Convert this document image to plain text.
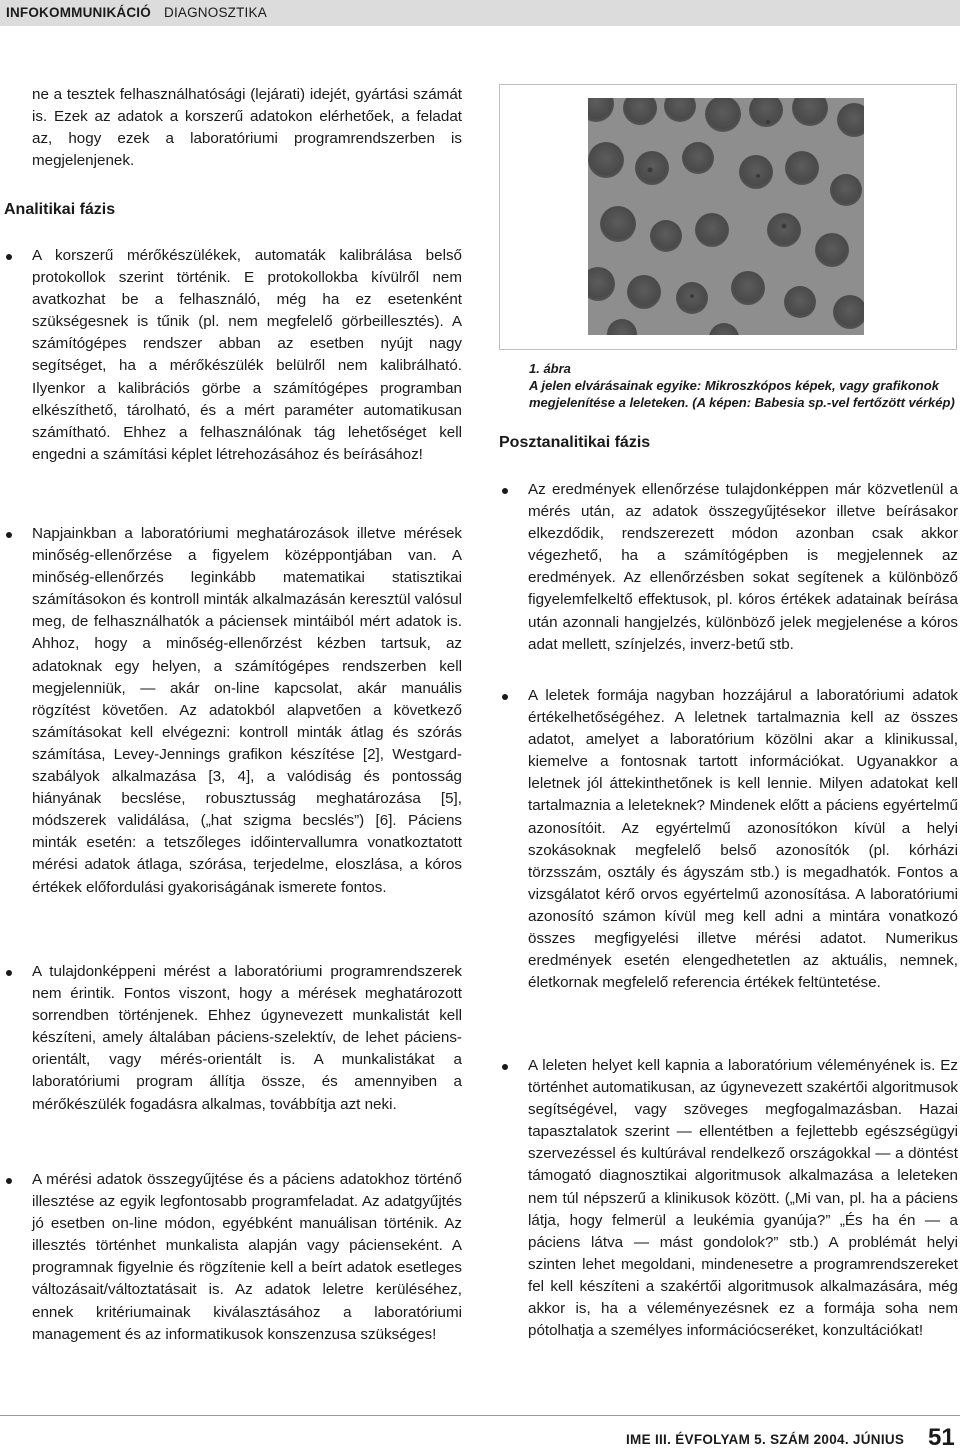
INFOKOMMUNIKÁCIÓ DIAGNOSZTIKA

ne a tesztek felhasználhatósági (lejárati) idejét, gyártási számát is. Ezek az adatok a korszerű adatokon elérhetőek, a feladat az, hogy ezek a laboratóriumi programrendszerben is megjelenjenek.

Analitikai fázis
A korszerű mérőkészülékek, automaták kalibrálása belső protokollok szerint történik. E protokollokba kívülről nem avatkozhat be a felhasználó, még ha ez esetenként szükségesnek is tűnik (pl. nem megfelelő görbeillesztés). A számítógépes rendszer abban az esetben nyújt nagy segítséget, ha a mérőkészülék belülről nem kalibrálható. Ilyenkor a kalibrációs görbe a számítógépes programban elkészíthető, tárolható, és a mért paraméter automatikusan számítható. Ehhez a felhasználónak tág lehetőséget kell engedni a számítási képlet létrehozásához és beírásához!
Napjainkban a laboratóriumi meghatározások illetve mérések minőség-ellenőrzése a figyelem középpontjában van. A minőség-ellenőrzés leginkább matematikai statisztikai számításokon és kontroll minták alkalmazásán keresztül valósul meg, de felhasználhatók a páciensek mintáiból mért adatok is. Ahhoz, hogy a minőség-ellenőrzést kézben tartsuk, az adatoknak egy helyen, a számítógépes rendszerben kell megjelenniük, — akár on-line kapcsolat, akár manuális rögzítést követően. Az adatokból alapvetően a következő számításokat kell elvégezni: kontroll minták átlag és szórás számítása, Levey-Jennings grafikon készítése [2], Westgard-szabályok alkalmazása [3, 4], a valódiság és pontosság hiányának becslése, robusztusság meghatározása [5], módszerek validálása, („hat szigma becslés”) [6]. Páciens minták esetén: a tetszőleges időintervallumra vonatkoztatott mérési adatok átlaga, szórása, terjedelme, eloszlása, a kóros értékek előfordulási gyakoriságának ismerete fontos.
A tulajdonképpeni mérést a laboratóriumi programrendszerek nem érintik. Fontos viszont, hogy a mérések meghatározott sorrendben történjenek. Ehhez úgynevezett munkalistát kell készíteni, amely általában páciens-szelektív, de lehet páciens-orientált, vagy mérés-orientált is. A munkalistákat a laboratóriumi program állítja össze, és amennyiben a mérőkészülék fogadásra alkalmas, továbbítja azt neki.
A mérési adatok összegyűjtése és a páciens adatokhoz történő illesztése az egyik legfontosabb programfeladat. Az adatgyűjtés jó esetben on-line módon, egyébként manuálisan történik. Az illesztés történhet munkalista alapján vagy pácienseként. A programnak figyelnie és rögzítenie kell a beírt adatok esetleges változásait/változtatásait is. Az adatok leletre kerüléséhez, ennek kritériumainak kiválasztásához a laboratóriumi management és az informatikusok konszenzusa szükséges!
1. ábra
A jelen elvárásainak egyike: Mikroszkópos képek, vagy grafikonok megjelenítése a leleteken. (A képen: Babesia sp.-vel fertőzött vérkép)
Posztanalitikai fázis
Az eredmények ellenőrzése tulajdonképpen már közvetlenül a mérés után, az adatok összegyűjtésekor illetve beírásakor elkezdődik, rendszerezett módon azonban csak akkor végezhető, ha a számítógépben is megjelennek az eredmények. Az ellenőrzésben sokat segítenek a különböző figyelemfelkeltő effektusok, pl. kóros értékek adatainak beírása után azonnali hangjelzés, különböző jelek megjelenése a kóros adat mellett, színjelzés, inverz-betű stb.
A leletek formája nagyban hozzájárul a laboratóriumi adatok értékelhetőségéhez. A leletnek tartalmaznia kell az összes adatot, amelyet a laboratórium közölni akar a klinikussal, kiemelve a fontosnak tartott információkat. Ugyanakkor a leletnek jól áttekinthetőnek is kell lennie. Milyen adatokat kell tartalmaznia a leleteknek? Mindenek előtt a páciens egyértelmű azonosítóit. Az egyértelmű azonosítókon kívül a helyi szokásoknak megfelelő belső azonosítók (pl. kórházi törzsszám, osztály és ágyszám stb.) is megadhatók. Fontos a vizsgálatot kérő orvos egyértelmű azonosítása. A laboratóriumi azonosító számon kívül meg kell adni a mintára vonatkozó összes megfigyelési illetve mérési adatot. Numerikus eredmények esetén elengedhetetlen az aktuális, nemnek, életkornak megfelelő referencia értékek feltüntetése.
A leleten helyet kell kapnia a laboratórium véleményének is. Ez történhet automatikusan, az úgynevezett szakértői algoritmusok segítségével, vagy szöveges megfogalmazásban. Hazai tapasztalatok szerint — ellentétben a fejlettebb egészségügyi szervezéssel és kultúrával rendelkező országokkal — a döntést támogató diagnosztikai algoritmusok alkalmazása a leleteken nem túl népszerű a klinikusok között. („Mi van, pl. ha a páciens látja, hogy felmerül a leukémia gyanúja?” „És ha én — a páciens látva — mást gondolok?” stb.) A problémát helyi szinten lehet megoldani, mindenesetre a programrendszereket fel kell készíteni a szakértői algoritmusok alkalmazására, még akkor is, ha a véleményezésnek ez a formája soha nem pótolhatja a személyes információcseréket, konzultációkat!
IME III. ÉVFOLYAM 5. SZÁM 2004. JÚNIUS 51
